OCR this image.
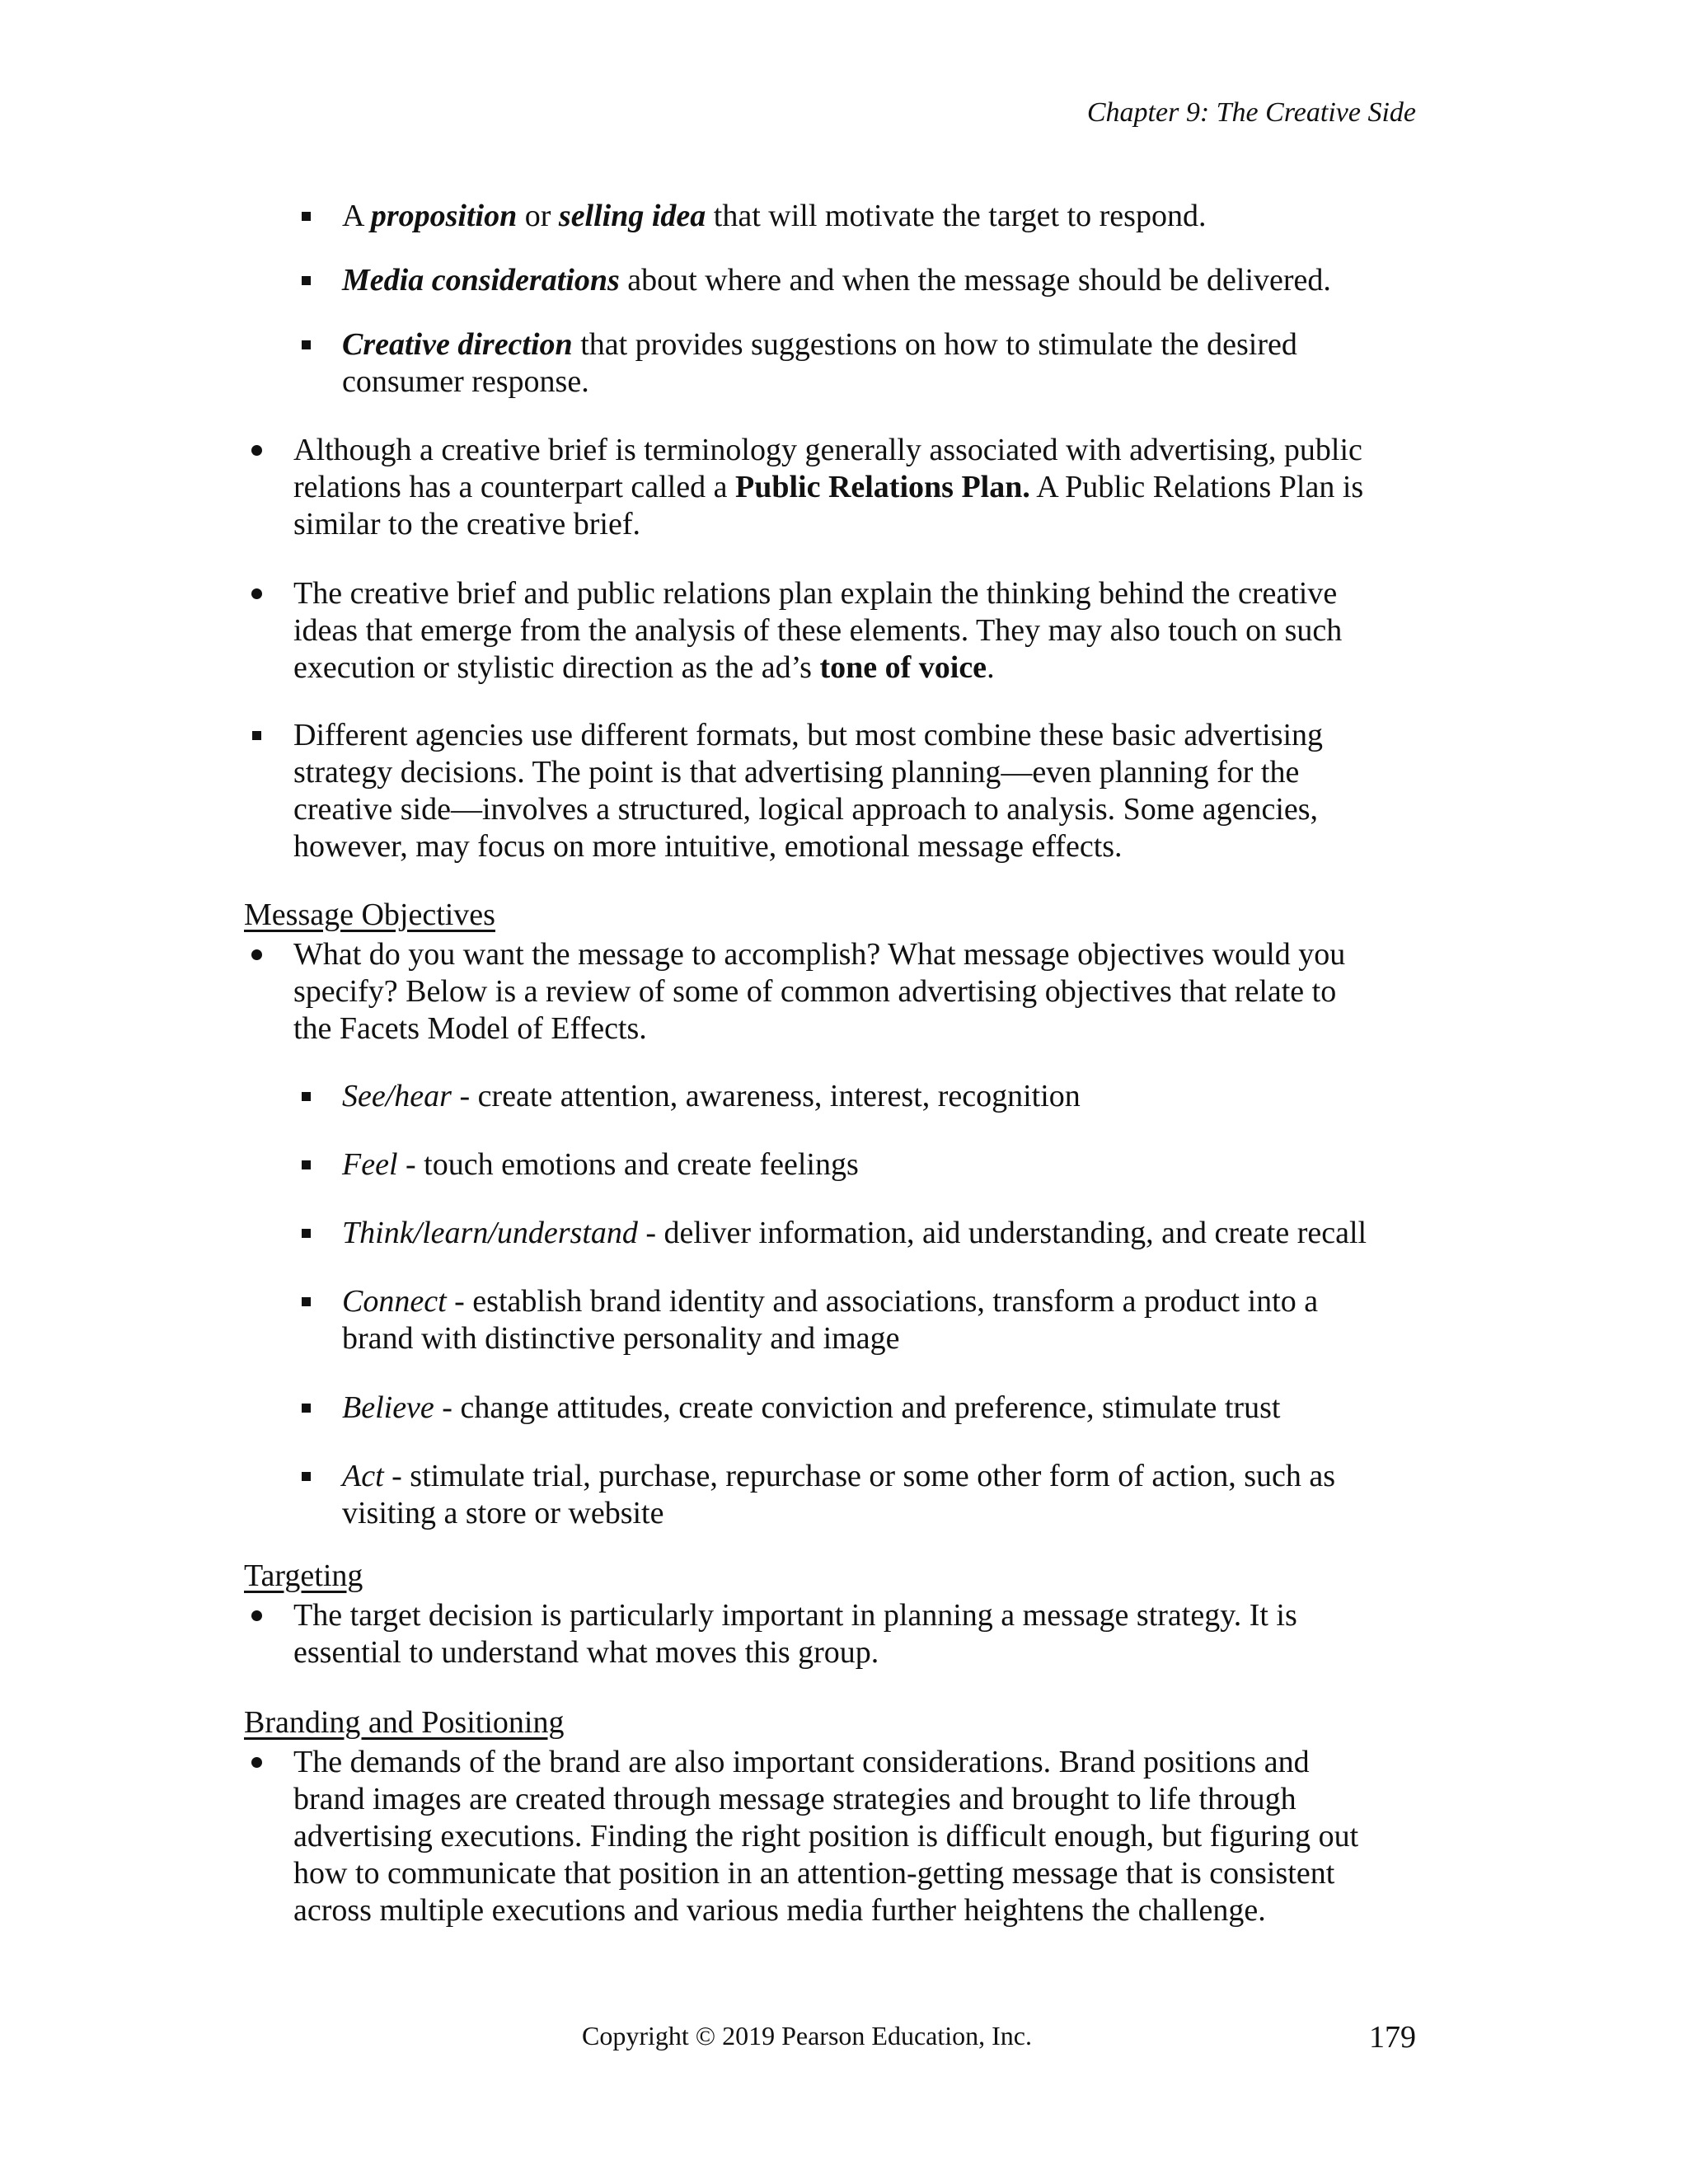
Chapter 9: The Creative Side
A proposition or selling idea that will motivate the target to respond.
Media considerations about where and when the message should be delivered.
Creative direction that provides suggestions on how to stimulate the desired
consumer response.
Although a creative brief is terminology generally associated with advertising, public
relations has a counterpart called a Public Relations Plan. A Public Relations Plan is
similar to the creative brief.
The creative brief and public relations plan explain the thinking behind the creative
ideas that emerge from the analysis of these elements. They may also touch on such
execution or stylistic direction as the ad’s tone of voice.
Different agencies use different formats, but most combine these basic advertising
strategy decisions. The point is that advertising planning—even planning for the
creative side—involves a structured, logical approach to analysis. Some agencies,
however, may focus on more intuitive, emotional message effects.
Message Objectives
What do you want the message to accomplish? What message objectives would you
specify? Below is a review of some of common advertising objectives that relate to
the Facets Model of Effects.
See/hear - create attention, awareness, interest, recognition
Feel - touch emotions and create feelings
Think/learn/understand - deliver information, aid understanding, and create recall
Connect - establish brand identity and associations, transform a product into a
brand with distinctive personality and image
Believe - change attitudes, create conviction and preference, stimulate trust
Act - stimulate trial, purchase, repurchase or some other form of action, such as
visiting a store or website
Targeting
The target decision is particularly important in planning a message strategy. It is
essential to understand what moves this group.
Branding and Positioning
The demands of the brand are also important considerations. Brand positions and
brand images are created through message strategies and brought to life through
advertising executions. Finding the right position is difficult enough, but figuring out
how to communicate that position in an attention-getting message that is consistent
across multiple executions and various media further heightens the challenge.
Copyright © 2019 Pearson Education, Inc.	179
